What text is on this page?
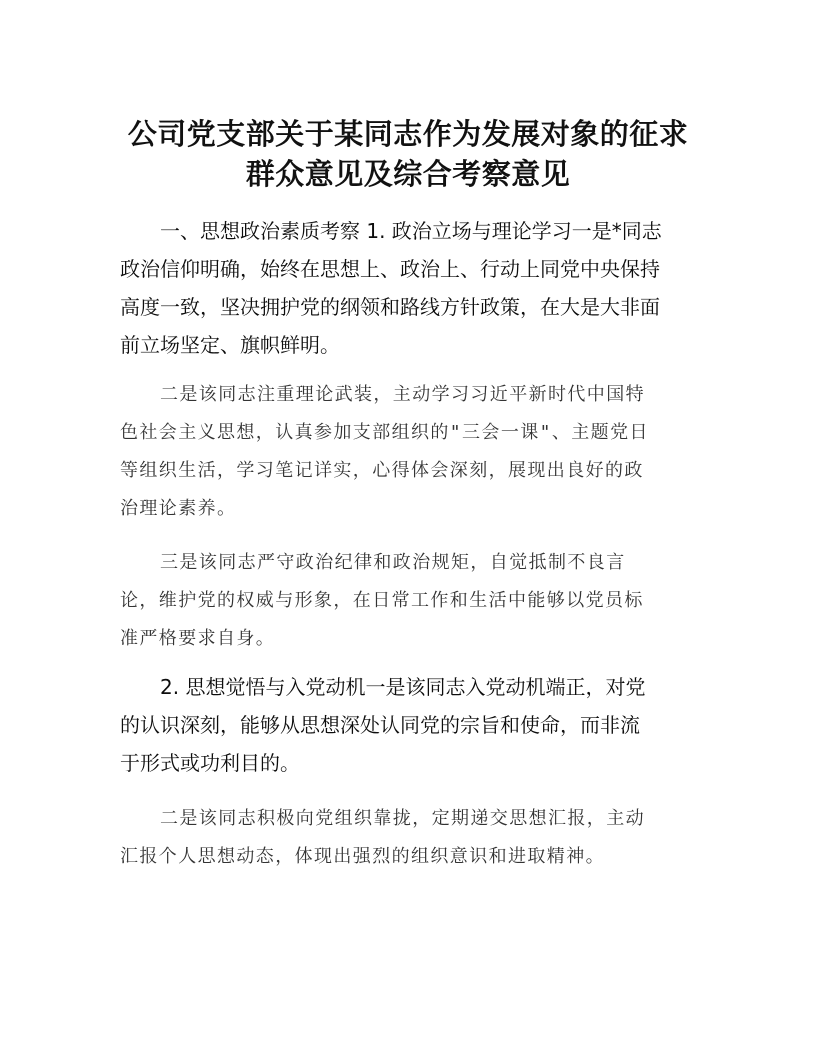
公司党支部关于某同志作为发展对象的征求
群众意见及综合考察意见

一、思想政治素质考察 1. 政治立场与理论学习一是*同志
政治信仰明确，始终在思想上、政治上、行动上同党中央保持
高度一致，坚决拥护党的纲领和路线方针政策，在大是大非面
前立场坚定、旗帜鲜明。

二是该同志注重理论武装，主动学习习近平新时代中国特
色社会主义思想，认真参加支部组织的"三会一课"、主题党日
等组织生活，学习笔记详实，心得体会深刻，展现出良好的政
治理论素养。

三是该同志严守政治纪律和政治规矩，自觉抵制不良言
论，维护党的权威与形象，在日常工作和生活中能够以党员标
准严格要求自身。

2. 思想觉悟与入党动机一是该同志入党动机端正，对党
的认识深刻，能够从思想深处认同党的宗旨和使命，而非流
于形式或功利目的。

二是该同志积极向党组织靠拢，定期递交思想汇报，主动
汇报个人思想动态，体现出强烈的组织意识和进取精神。
